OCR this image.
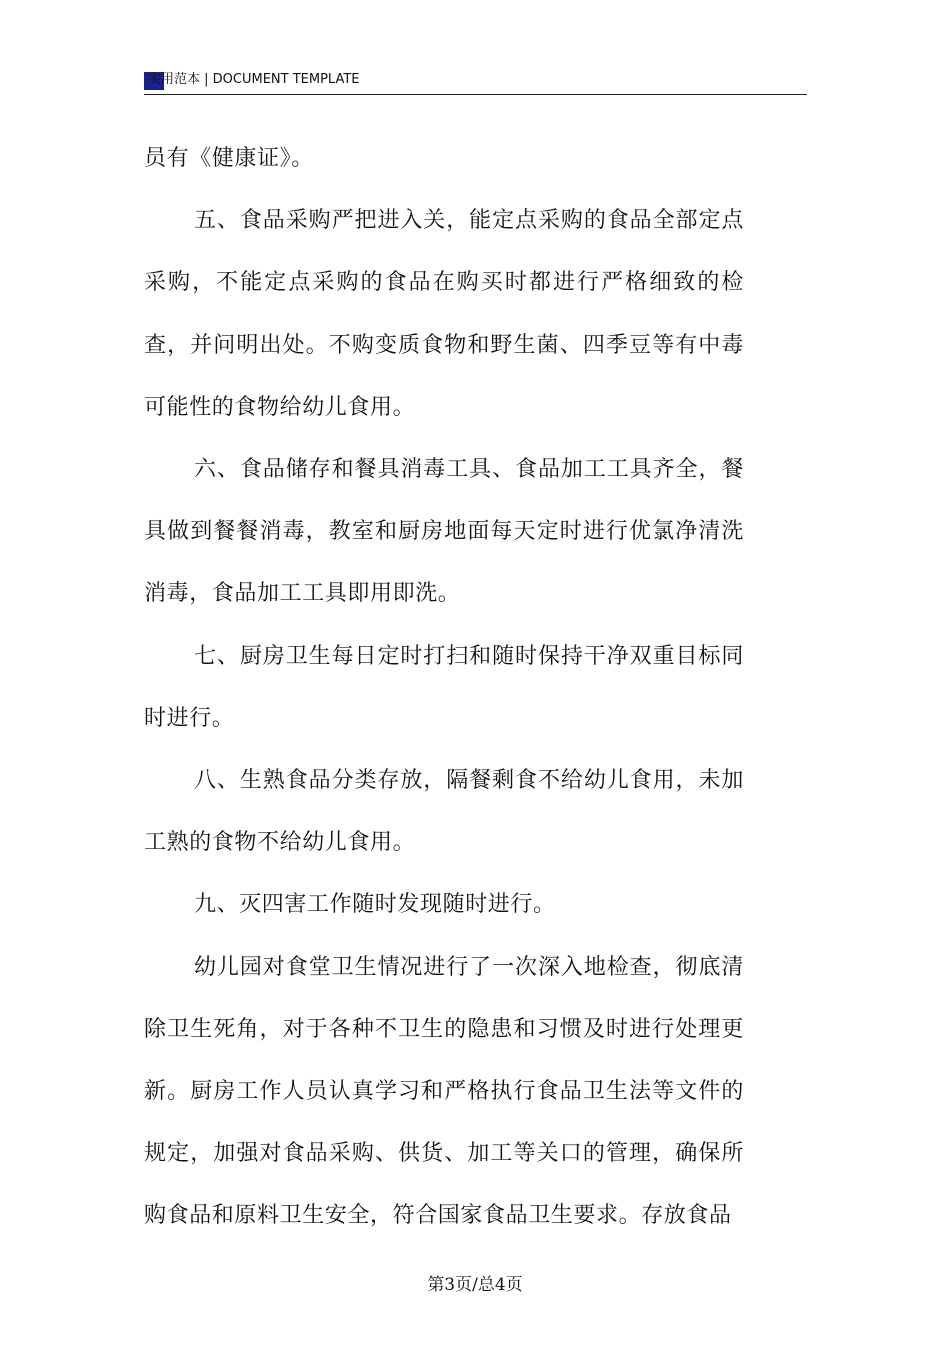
实用范本 | DOCUMENT TEMPLATE

员有《健康证》。

五、食品采购严把进入关，能定点采购的食品全部定点采购，不能定点采购的食品在购买时都进行严格细致的检查，并问明出处。不购变质食物和野生菌、四季豆等有中毒可能性的食物给幼儿食用。

六、食品储存和餐具消毒工具、食品加工工具齐全，餐具做到餐餐消毒，教室和厨房地面每天定时进行优氯净清洗消毒，食品加工工具即用即洗。

七、厨房卫生每日定时打扫和随时保持干净双重目标同时进行。

八、生熟食品分类存放，隔餐剩食不给幼儿食用，未加工熟的食物不给幼儿食用。

九、灭四害工作随时发现随时进行。

幼儿园对食堂卫生情况进行了一次深入地检查，彻底清除卫生死角，对于各种不卫生的隐患和习惯及时进行处理更新。厨房工作人员认真学习和严格执行食品卫生法等文件的规定，加强对食品采购、供货、加工等关口的管理，确保所购食品和原料卫生安全，符合国家食品卫生要求。存放食品

第3页/总4页
